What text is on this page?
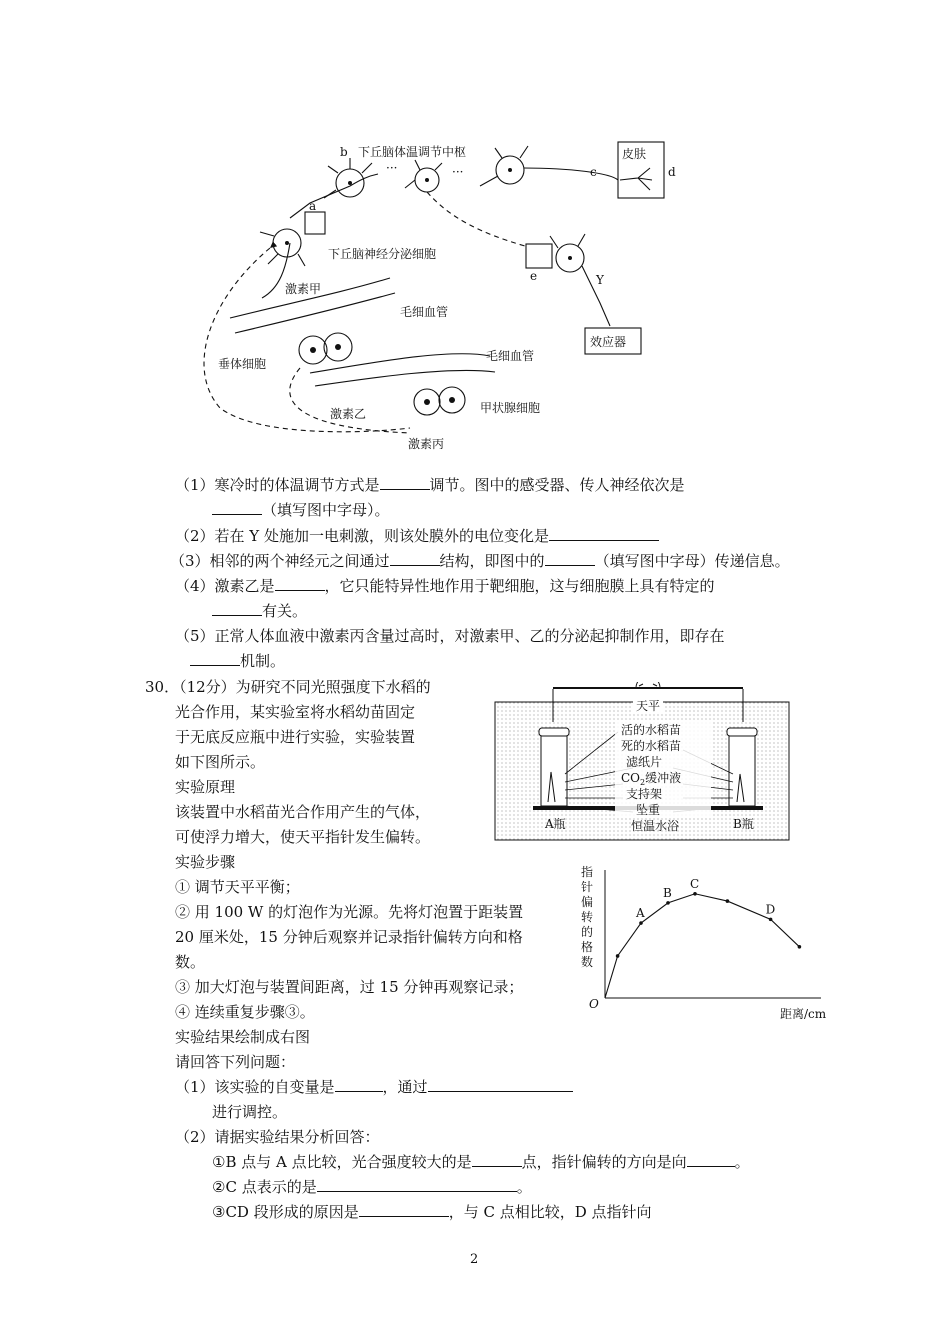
···
···
b 下丘脑体温调节中枢	皮肤
c	d
a
下丘脑神经分泌细胞
e	Y
效应器
激素甲
毛细血管
垂体细胞
毛细血管
激素乙	甲状腺细胞
激素丙
（1）寒冷时的体温调节方式是	调节。图中的感受器、传人神经依次是
（填写图中字母）。
（2）若在 Y 处施加一电刺激，则该处膜外的电位变化是
（3）相邻的两个神经元之间通过	结构，即图中的	（填写图中字母）传递信息。
（4）激素乙是	，它只能特异性地作用于靶细胞，这与细胞膜上具有特定的
有关。
（5）正常人体血液中激素丙含量过高时，对激素甲、乙的分泌起抑制作用，即存在
机制。
30．（12分）为研究不同光照强度下水稻的
光合作用，某实验室将水稻幼苗固定
于无底反应瓶中进行实验，实验装置
如下图所示。
实验原理
该装置中水稻苗光合作用产生的气体，
可使浮力增大，使天平指针发生偏转。
实验步骤
① 调节天平平衡；
② 用 100 W 的灯泡作为光源。先将灯泡置于距装置
20 厘米处，15 分钟后观察并记录指针偏转方向和格
数。
③ 加大灯泡与装置间距离，过 15 分钟再观察记录；
④ 连续重复步骤③。
实验结果绘制成右图
请回答下列问题：
（1）该实验的自变量是	，通过
进行调控。
（2）请据实验结果分析回答：
①B 点与 A 点比较，光合强度较大的是	点，指针偏转的方向是向	。
②C 点表示的是	。
③CD 段形成的原因是	，与 C 点相比较，D 点指针向
天平
活的水稻苗
死的水稻苗
滤纸片
$CO_2$缓冲液
支持架
坠重
恒温水浴
A瓶	B瓶
指
针
偏
转
的
格
数
O
距离/cm
A
B
C
D
2
